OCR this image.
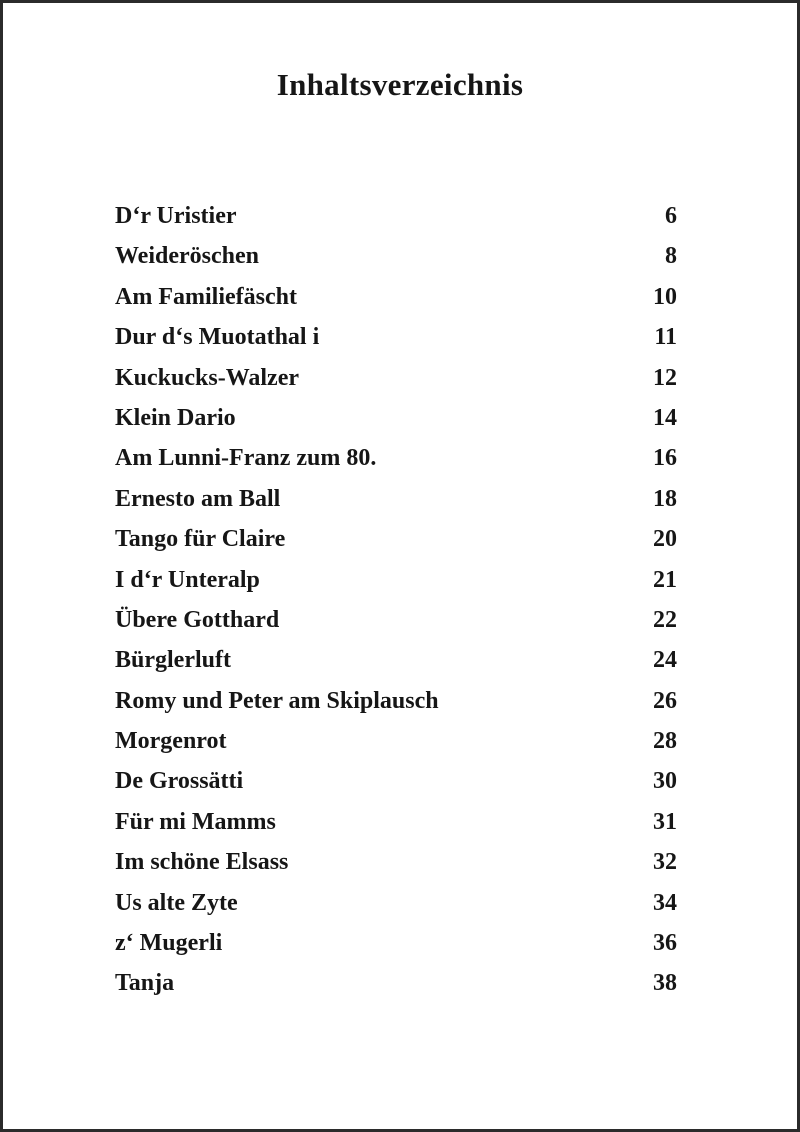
Inhaltsverzeichnis
D‘r Uristier	6
Weideröschen	8
Am Familiefäscht	10
Dur d‘s Muotathal i	11
Kuckucks-Walzer	12
Klein Dario	14
Am Lunni-Franz zum 80.	16
Ernesto am Ball	18
Tango für Claire	20
I d‘r Unteralp	21
Übere Gotthard	22
Bürglerluft	24
Romy und Peter am Skiplausch	26
Morgenrot	28
De Grossätti	30
Für mi Mamms	31
Im schöne Elsass	32
Us alte Zyte	34
z‘ Mugerli	36
Tanja	38
